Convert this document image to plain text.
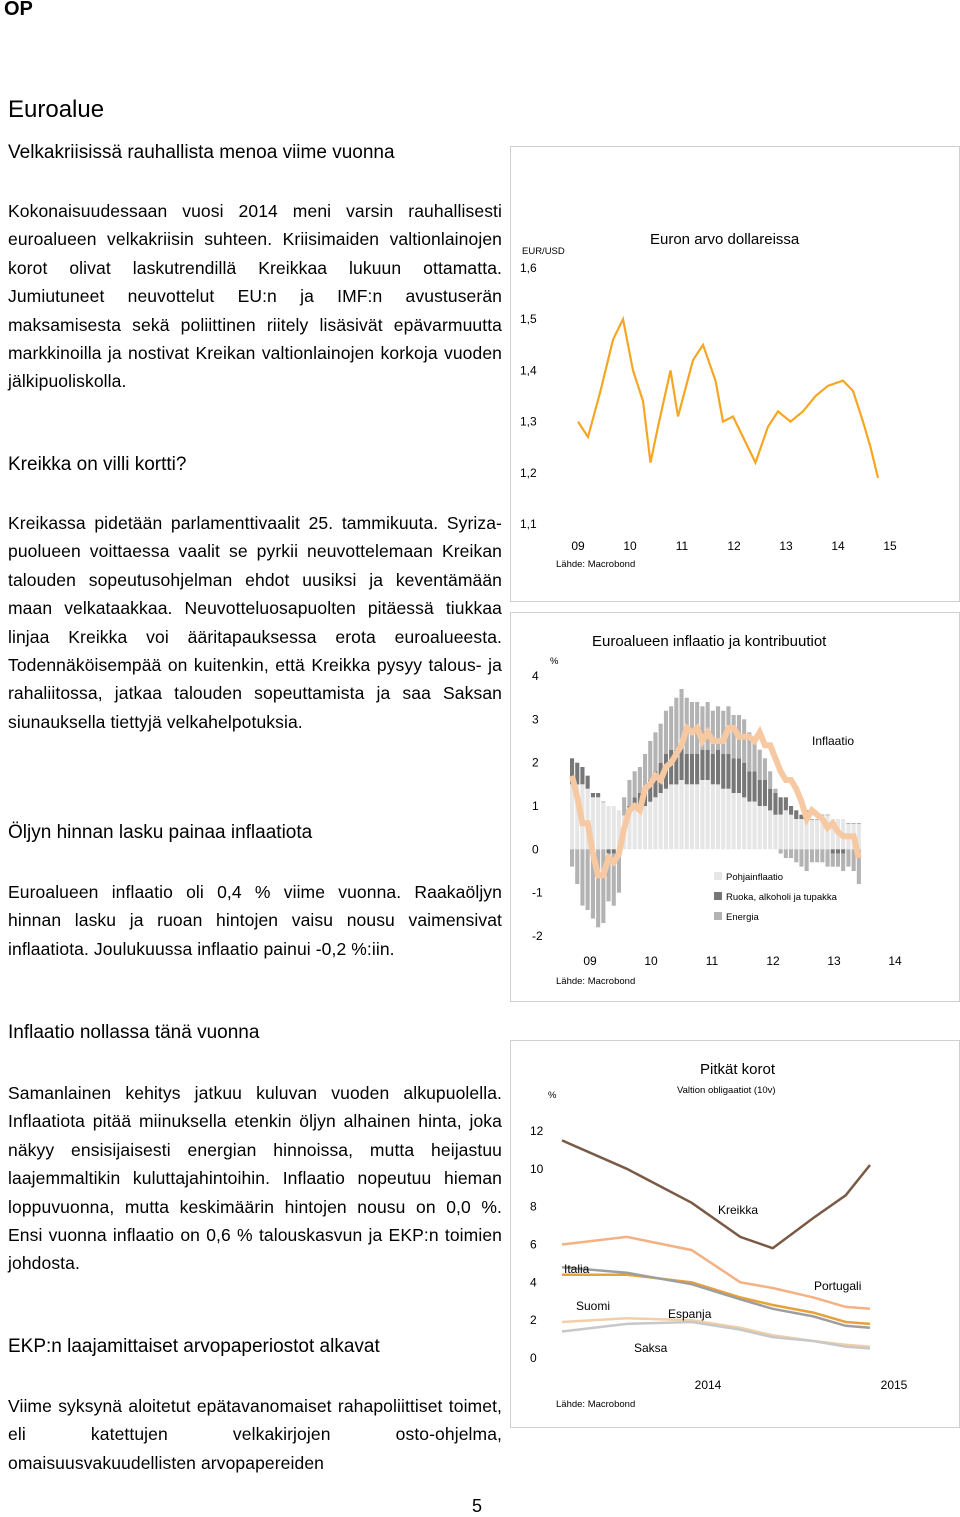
OP
Euroalue
Velkakriisissä rauhallista menoa viime vuonna

Kokonaisuudessaan vuosi 2014 meni varsin rauhallisesti euroalueen velkakriisin suhteen. Kriisimaiden valtionlainojen korot olivat laskutrendillä Kreikkaa lukuun ottamatta. Jumiutuneet neuvottelut EU:n ja IMF:n avustuserän maksamisesta sekä poliittinen riitely lisäsivät epävarmuutta markkinoilla ja nostivat Kreikan valtionlainojen korkoja vuoden jälkipuoliskolla.

Kreikka on villi kortti?

Kreikassa pidetään parlamenttivaalit 25. tammikuuta. Syriza-puolueen voittaessa vaalit se pyrkii neuvottelemaan Kreikan talouden sopeutusohjelman ehdot uusiksi ja keventämään maan velkataakkaa. Neuvotteluosapuolten pitäessä tiukkaa linjaa Kreikka voi ääritapauksessa erota euroalueesta. Todennäköisempää on kuitenkin, että Kreikka pysyy talous- ja rahaliitossa, jatkaa talouden sopeuttamista ja saa Saksan siunauksella tiettyjä velkahelpotuksia.

Öljyn hinnan lasku painaa inflaatiota

Euroalueen inflaatio oli 0,4 % viime vuonna. Raakaöljyn hinnan lasku ja ruoan hintojen vaisu nousu vaimensivat inflaatiota. Joulukuussa inflaatio painui -0,2 %:iin.

Inflaatio nollassa tänä vuonna

Samanlainen kehitys jatkuu kuluvan vuoden alkupuolella. Inflaatiota pitää miinuksella etenkin öljyn alhainen hinta, joka näkyy ensisijaisesti energian hinnoissa, mutta heijastuu laajemmaltikin kuluttajahintoihin. Inflaatio nopeutuu hieman loppuvuonna, mutta keskimäärin hintojen nousu on 0,0 %. Ensi vuonna inflaatio on 0,6 % talouskasvun ja EKP:n toimien johdosta.

EKP:n laajamittaiset arvopaperiostot alkavat

Viime syksynä aloitetut epätavanomaiset rahapoliittiset toimet, eli katettujen velkakirjojen osto-ohjelma, omaisuusvakuudellisten arvopapereiden

Euron arvo dollareissa
EUR/USD
1,6
1,5
1,4
1,3
1,2
1,1
09	10	11	12	13	14	15
Lähde: Macrobond
Euroalueen inflaatio ja kontribuutiot
%
4
3
2
1
0
-1
-2
Inflaatio
Pohjainflaatio
Ruoka, alkoholi ja tupakka
Energia
09	10	11	12	13	14
Lähde: Macrobond
Pitkät korot
Valtion obligaatiot (10v)
%
12
10
8
6
4
2
0
Kreikka
Portugali
Italia
Espanja
Suomi
Saksa
2014	2015
Lähde: Macrobond
5
